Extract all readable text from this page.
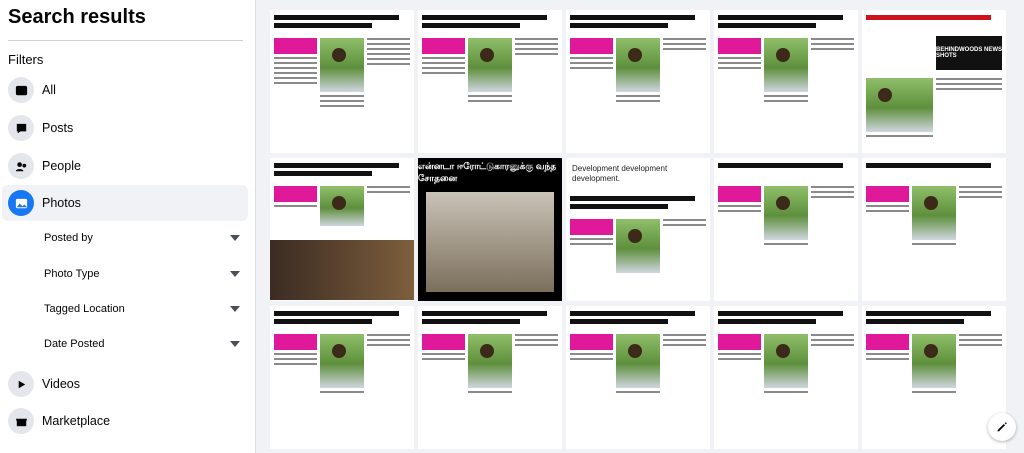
Search results
Filters
All
Posts
People
Photos
Posted by
Photo Type
Tagged Location
Date Posted
Videos
Marketplace
BEHINDWOODS NEWS SHOTS
என்னடா ஈரோட்டுகாரனுக்கு வந்த சோதனை
Development development development.
